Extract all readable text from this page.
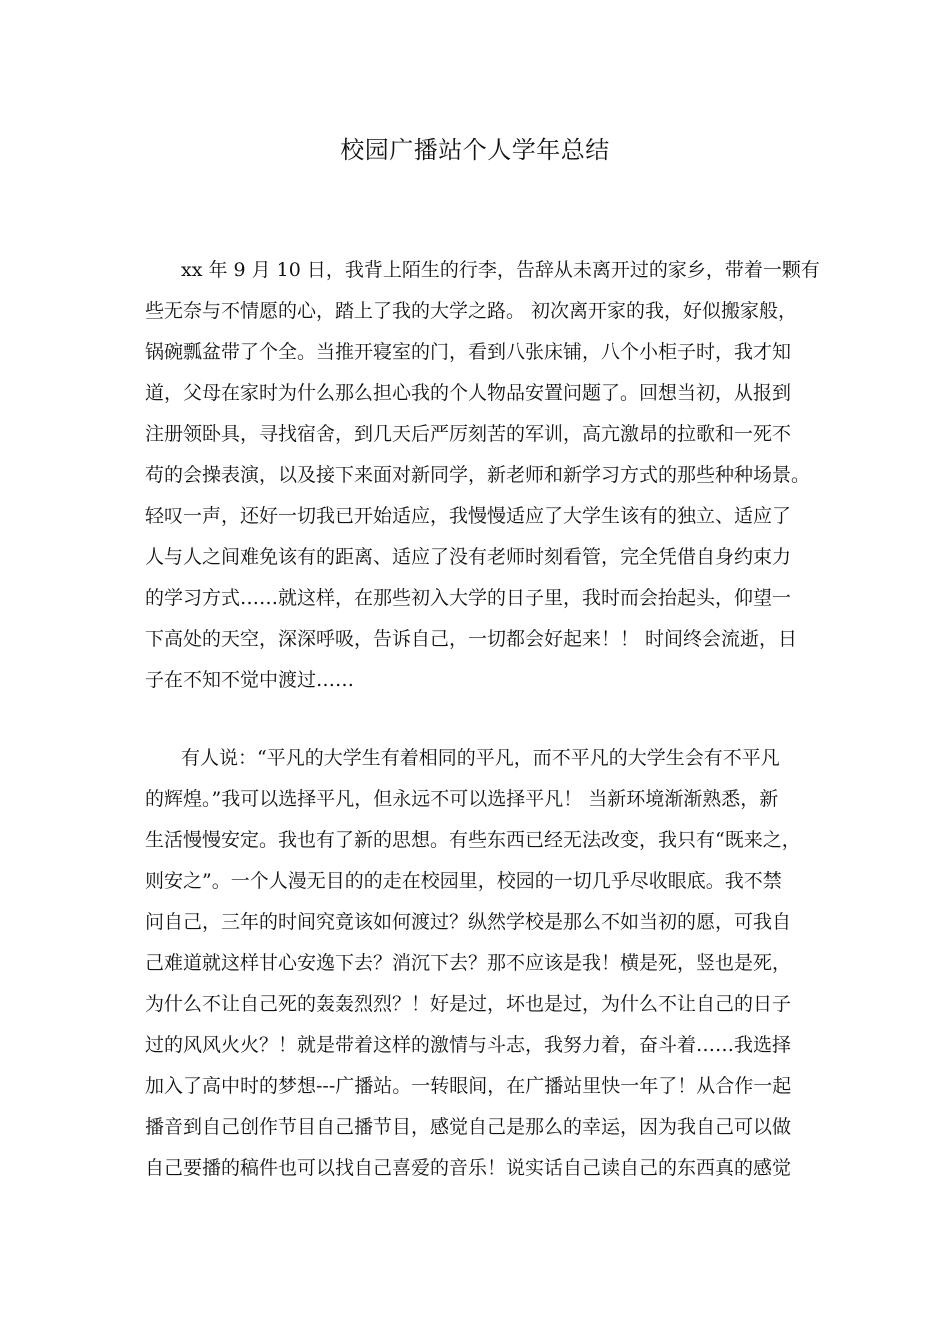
校园广播站个人学年总结
xx 年 9 月 10 日，我背上陌生的行李，告辞从未离开过的家乡，带着一颗有
些无奈与不情愿的心，踏上了我的大学之路。 初次离开家的我，好似搬家般，
锅碗瓢盆带了个全。当推开寝室的门，看到八张床铺，八个小柜子时，我才知
道，父母在家时为什么那么担心我的个人物品安置问题了。回想当初，从报到
注册领卧具，寻找宿舍，到几天后严厉刻苦的军训，高亢激昂的拉歌和一死不
苟的会操表演，以及接下来面对新同学，新老师和新学习方式的那些种种场景。
轻叹一声，还好一切我已开始适应，我慢慢适应了大学生该有的独立、适应了
人与人之间难免该有的距离、适应了没有老师时刻看管，完全凭借自身约束力
的学习方式……就这样，在那些初入大学的日子里，我时而会抬起头，仰望一
下高处的天空，深深呼吸，告诉自己，一切都会好起来！！ 时间终会流逝，日
子在不知不觉中渡过……
有人说：“平凡的大学生有着相同的平凡，而不平凡的大学生会有不平凡
的辉煌。”我可以选择平凡，但永远不可以选择平凡！ 当新环境渐渐熟悉，新
生活慢慢安定。我也有了新的思想。有些东西已经无法改变，我只有“既来之，
则安之”。一个人漫无目的的走在校园里，校园的一切几乎尽收眼底。我不禁
问自己，三年的时间究竟该如何渡过？纵然学校是那么不如当初的愿，可我自
己难道就这样甘心安逸下去？消沉下去？那不应该是我！横是死，竖也是死，
为什么不让自己死的轰轰烈烈？！好是过，坏也是过，为什么不让自己的日子
过的风风火火？！就是带着这样的激情与斗志，我努力着，奋斗着……我选择
加入了高中时的梦想---广播站。一转眼间，在广播站里快一年了！从合作一起
播音到自己创作节目自己播节目，感觉自己是那么的幸运，因为我自己可以做
自己要播的稿件也可以找自己喜爱的音乐！说实话自己读自己的东西真的感觉
